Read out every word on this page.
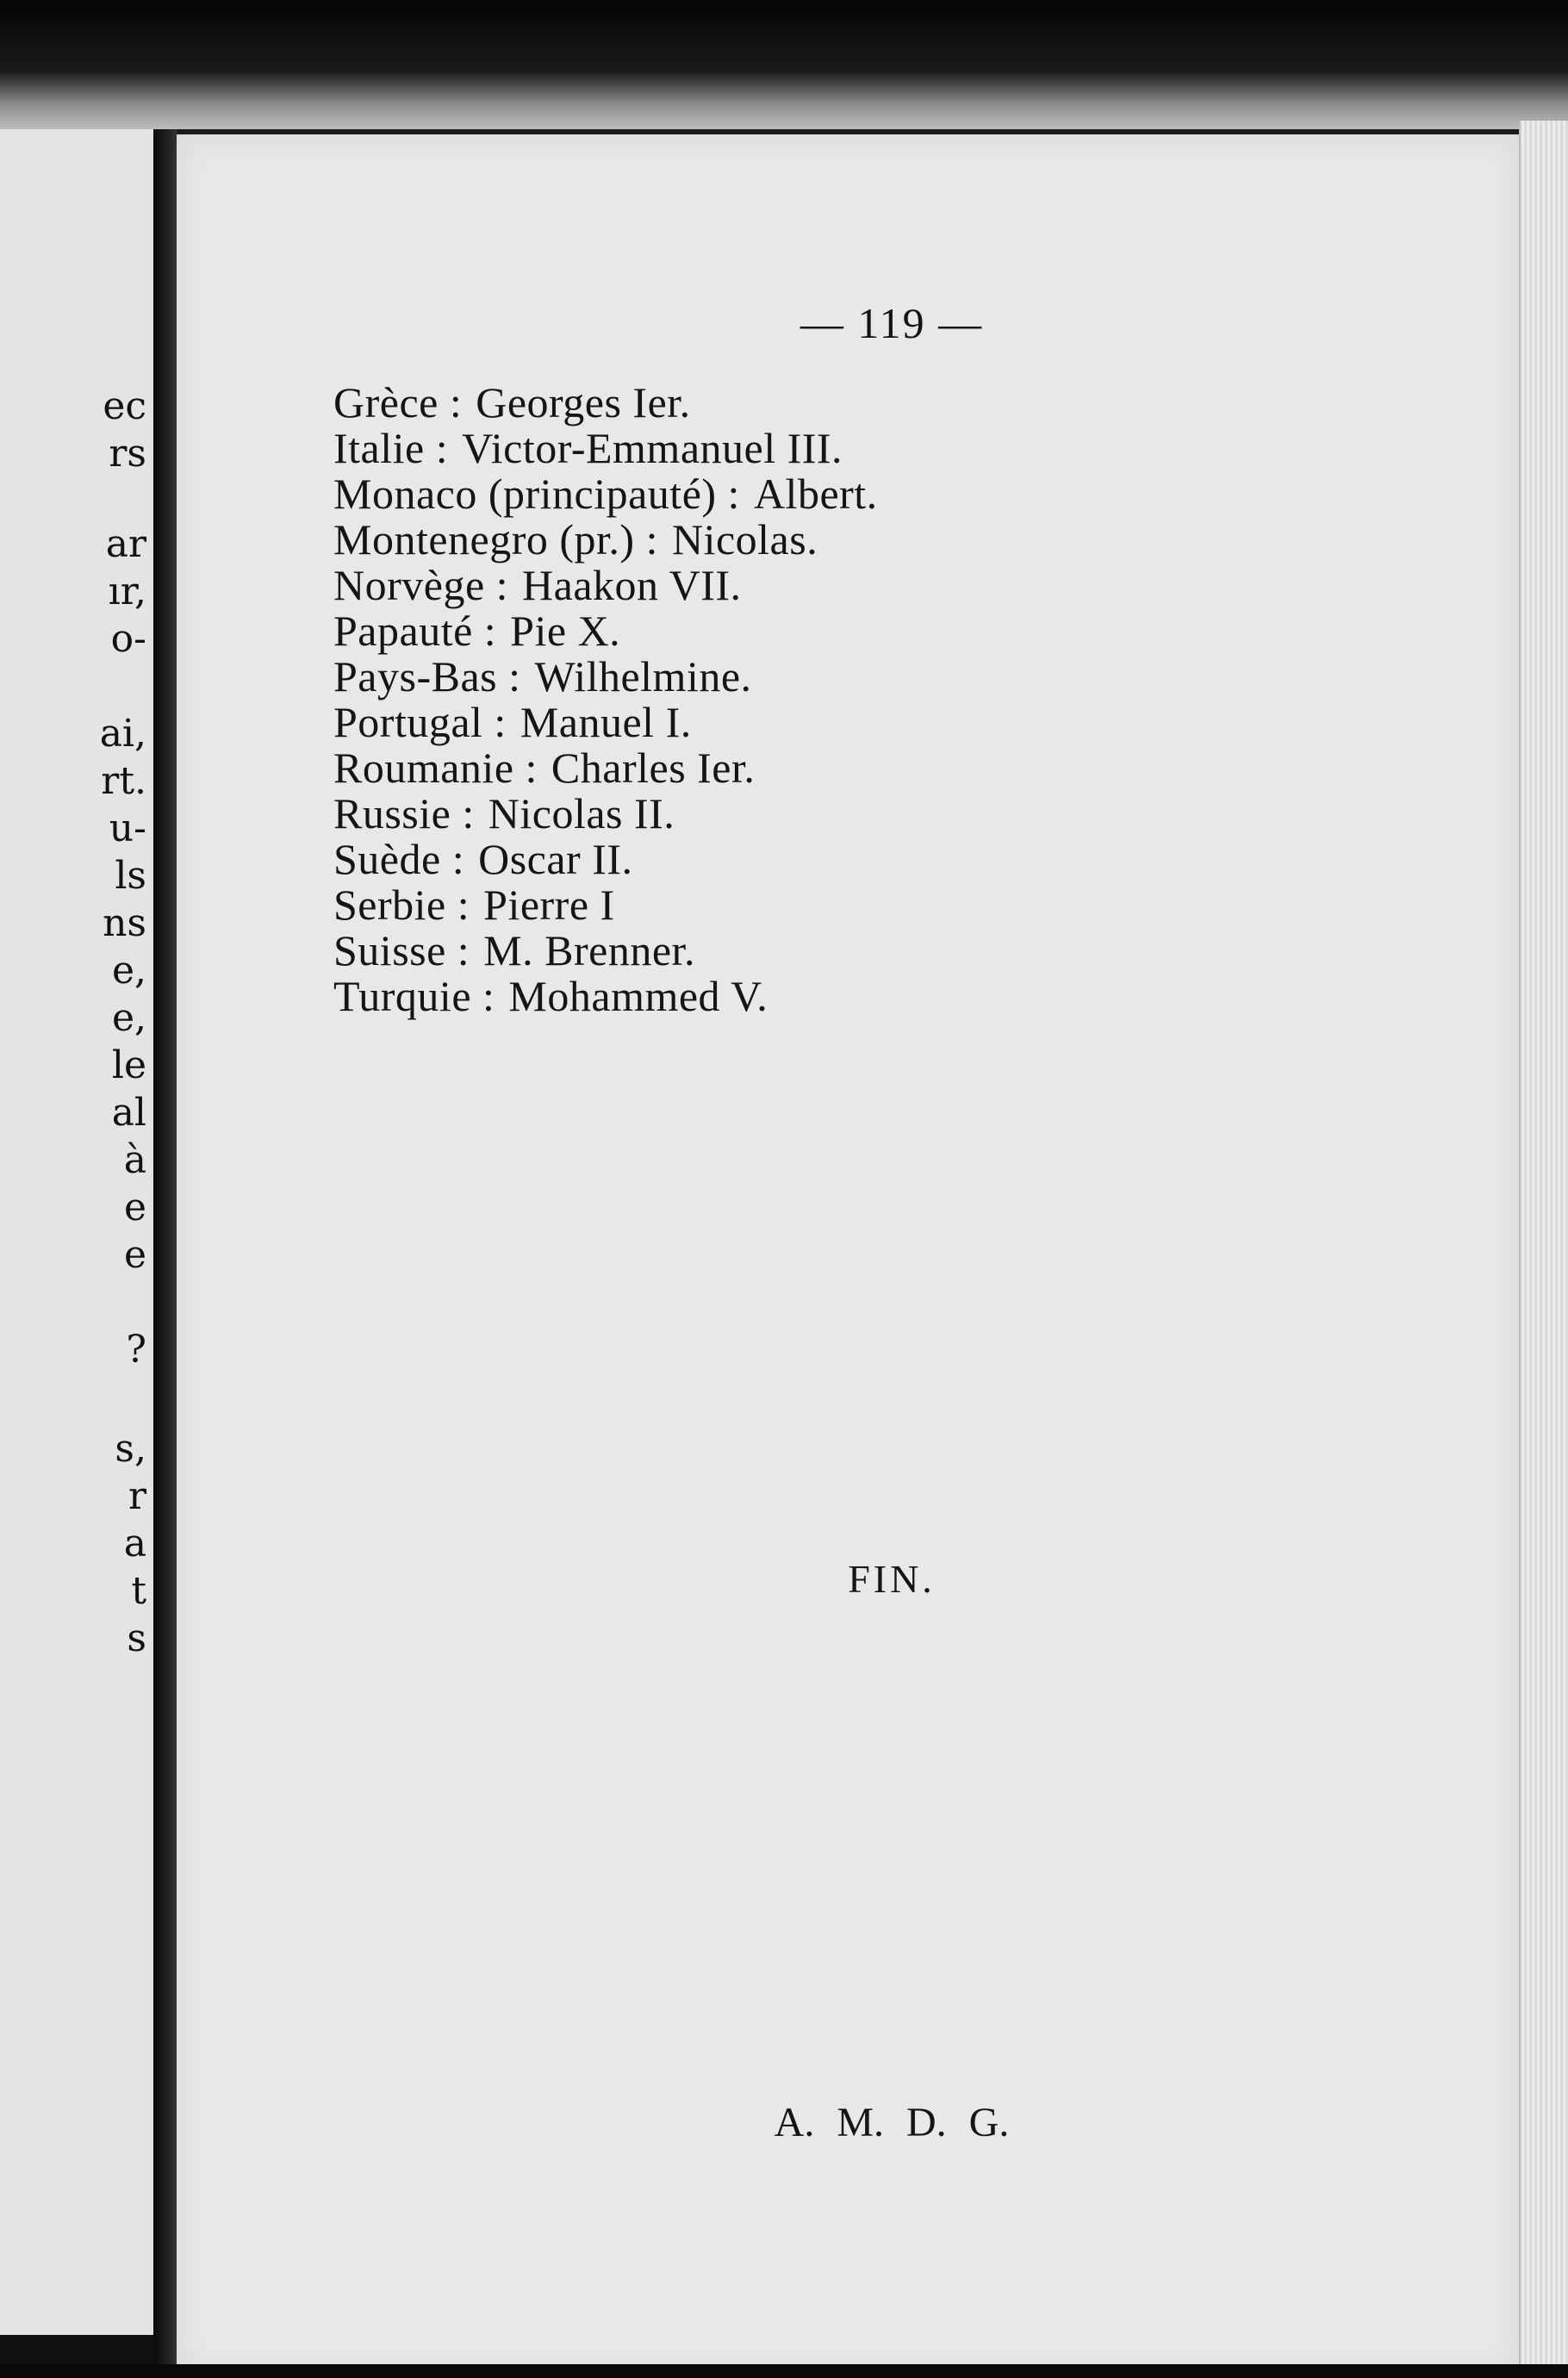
ec
rs
ar
ır,
o-
ai,
rt.
u-
ls
ns
e,
e,
le
al
à
e
e
?
s,
r
a
t
s
— 119 —
Grèce : Georges Ier.
Italie : Victor-Emmanuel III.
Monaco (principauté) : Albert.
Montenegro (pr.) : Nicolas.
Norvège : Haakon VII.
Papauté : Pie X.
Pays-Bas : Wilhelmine.
Portugal : Manuel I.
Roumanie : Charles Ier.
Russie : Nicolas II.
Suède : Oscar II.
Serbie : Pierre I
Suisse : M. Brenner.
Turquie : Mohammed V.
FIN.
A. M. D. G.
